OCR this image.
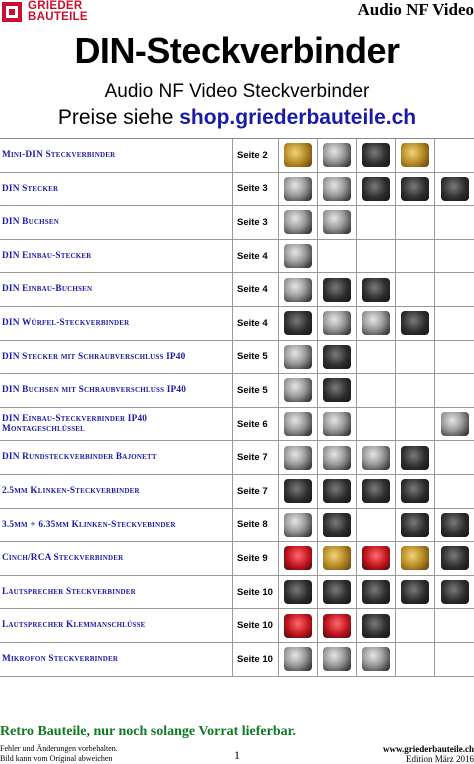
GRIEDER
BAUTEILE	Audio NF Video
DIN-Steckverbinder
Audio NF Video Steckverbinder
Preise siehe shop.griederbauteile.ch
Mini-DIN Steckverbinder	Seite 2
DIN Stecker	Seite 3
DIN Buchsen	Seite 3
DIN Einbau-Stecker	Seite 4
DIN Einbau-Buchsen	Seite 4
DIN Würfel-Steckverbinder	Seite 4
DIN Stecker mit Schraubverschluss IP40	Seite 5
DIN Buchsen mit Schraubverschluss IP40	Seite 5
DIN Einbau-Steckverbinder IP40 Montageschlüssel	Seite 6
DIN Rundsteckverbinder Bajonett	Seite 7
2.5mm Klinken-Steckverbinder	Seite 7
3.5mm + 6.35mm Klinken-Steckvebinder	Seite 8
Cinch/RCA Steckverbinder	Seite 9
Lautsprecher Steckverbinder	Seite 10
Lautsprecher Klemmanschlüsse	Seite 10
Mikrofon Steckverbinder	Seite 10
Retro Bauteile, nur noch solange Vorrat lieferbar.
Fehler und Änderungen vorbehalten.
Bild kann vom Original abweichen	1	www.griederbauteile.ch
Edition März 2016
